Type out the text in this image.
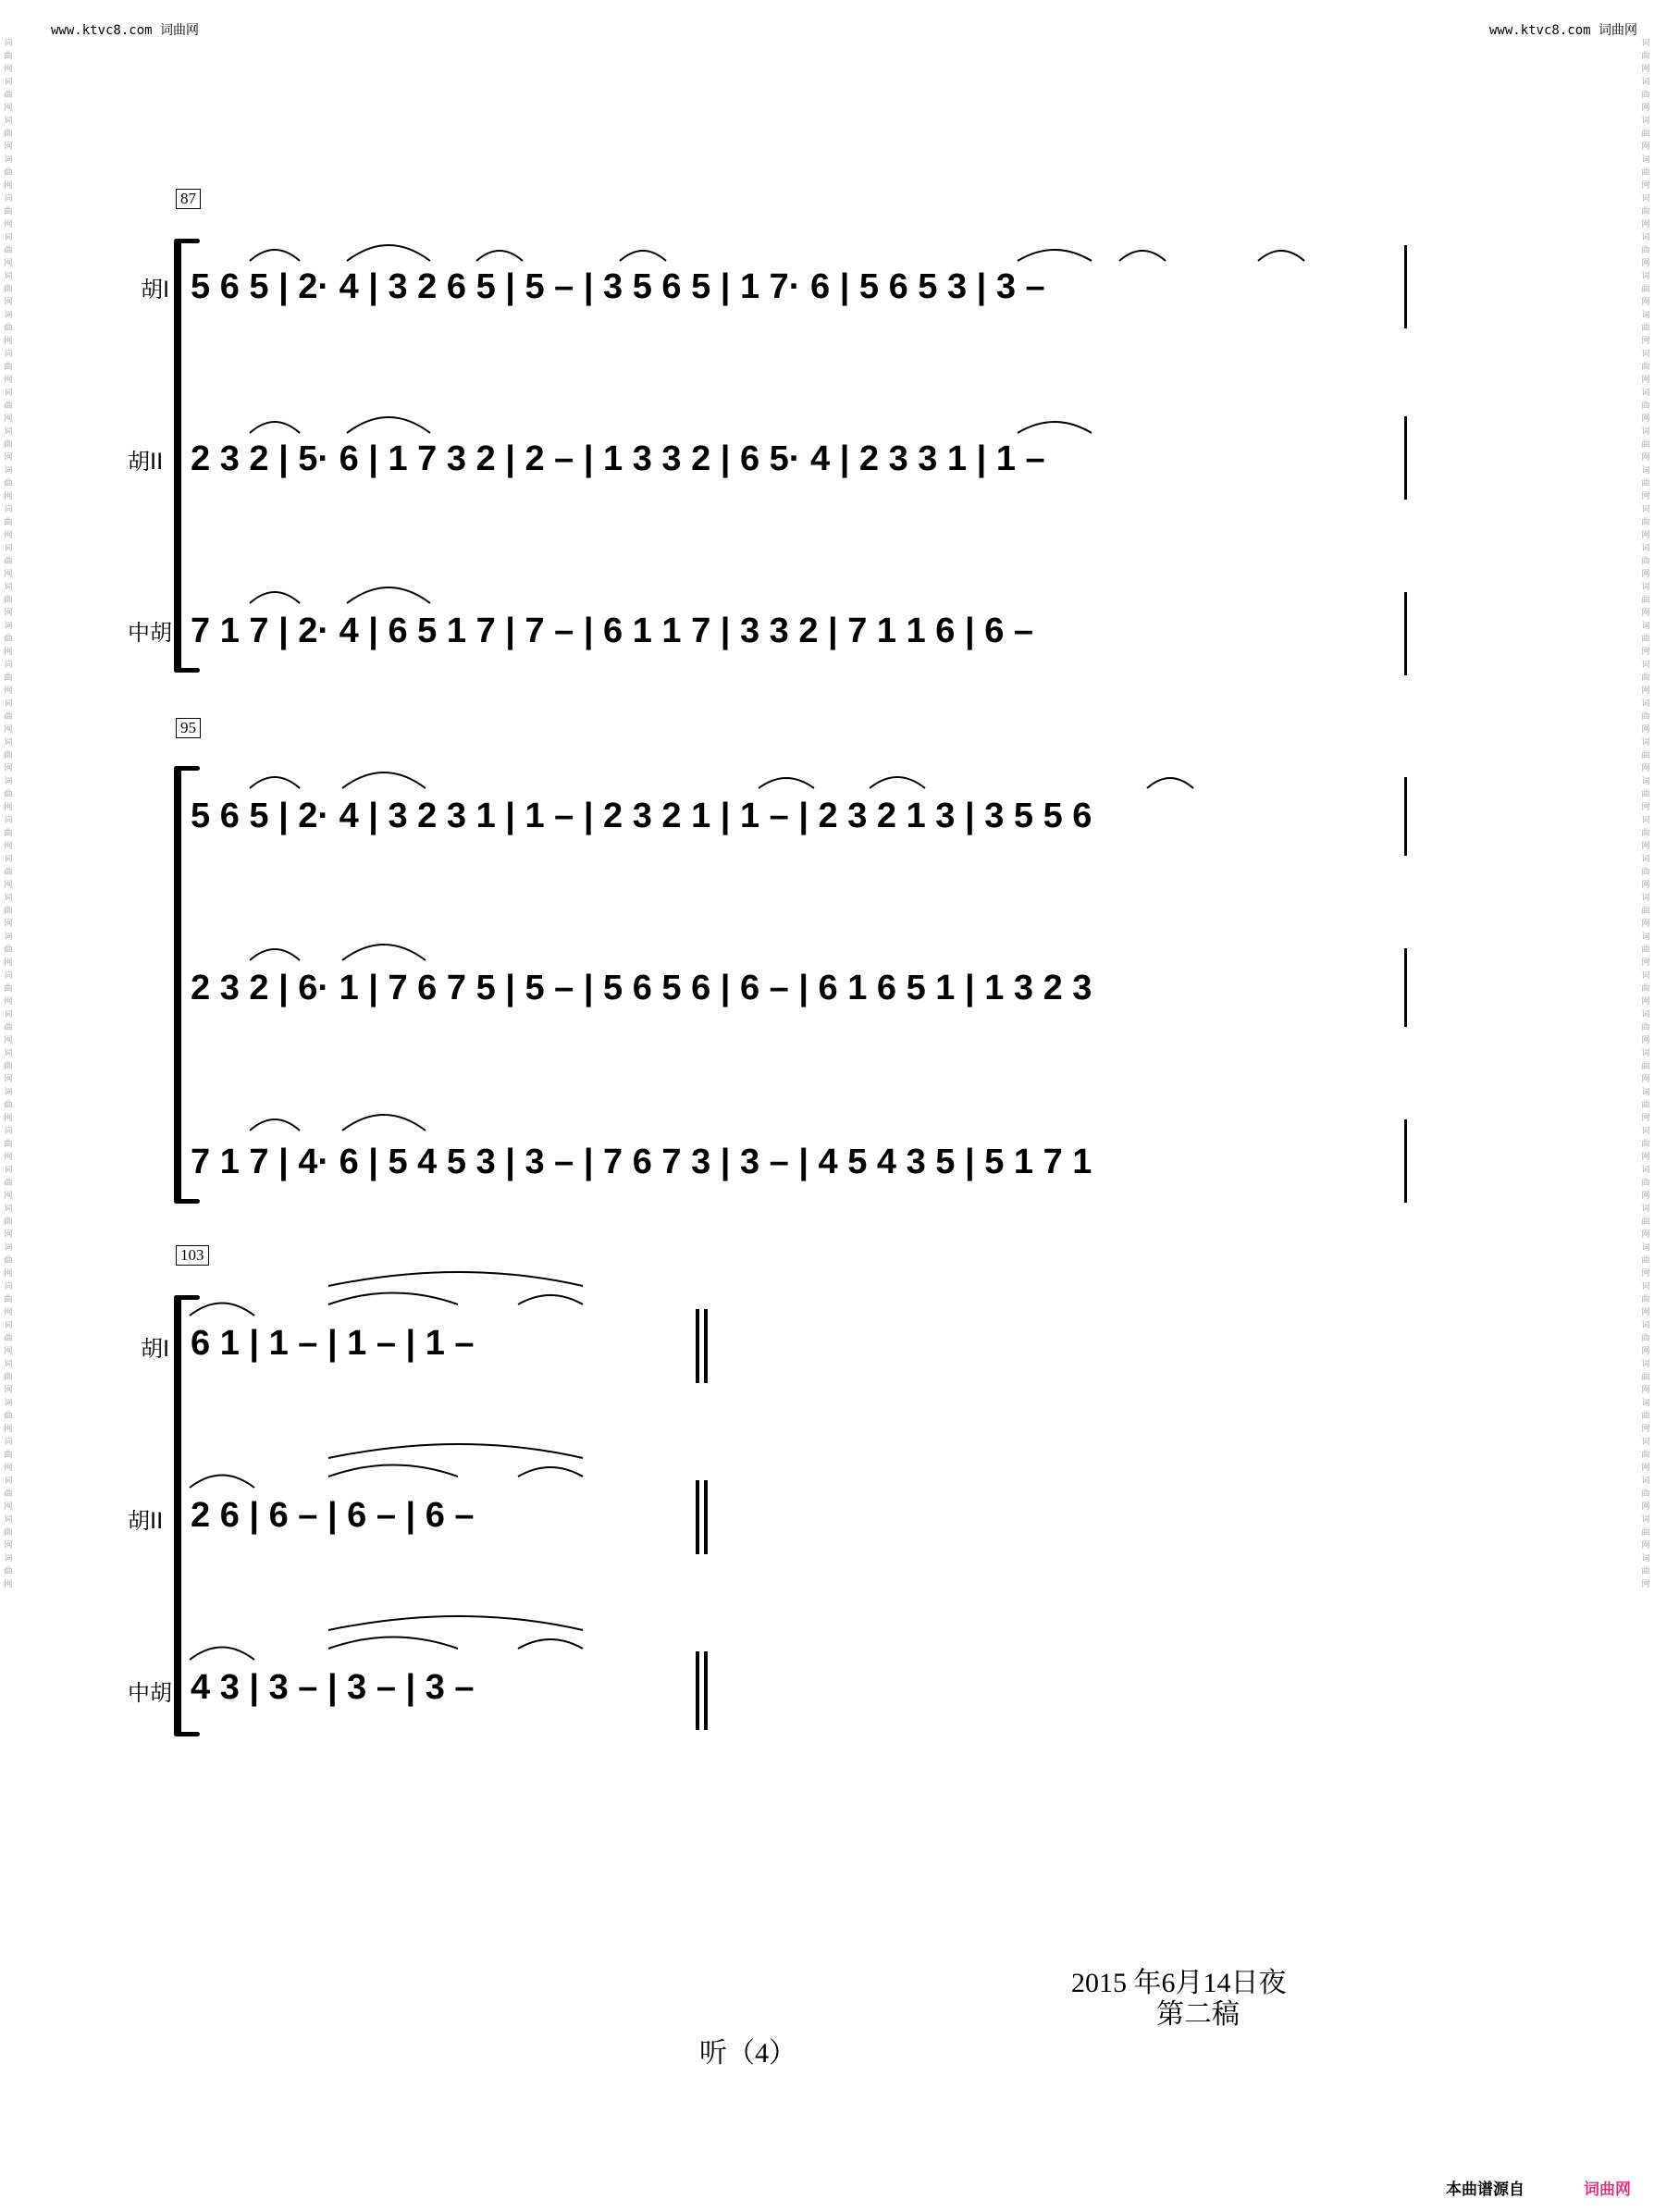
www.ktvc8.com 词曲网	www.ktvc8.com 词曲网
词曲网词曲网词曲网词曲网词曲网词曲网词曲网词曲网词曲网词曲网词曲网词曲网词曲网词曲网词曲网词曲网词曲网词曲网词曲网词曲网词曲网词曲网词曲网词曲网词曲网词曲网词曲网词曲网词曲网词曲网词曲网词曲网词曲网词曲网词曲网词曲网词曲网词曲网词曲网词曲网
词曲网词曲网词曲网词曲网词曲网词曲网词曲网词曲网词曲网词曲网词曲网词曲网词曲网词曲网词曲网词曲网词曲网词曲网词曲网词曲网词曲网词曲网词曲网词曲网词曲网词曲网词曲网词曲网词曲网词曲网词曲网词曲网词曲网词曲网词曲网词曲网词曲网词曲网词曲网词曲网
87
胡I
胡II
中胡
5 6 5 | 2· 4 | 3 2 6 5 | 5 – | 3 5 6 5 | 1 7· 6 | 5 6 5 3 | 3 –
2 3 2 | 5· 6 | 1 7 3 2 | 2 – | 1 3 3 2 | 6 5· 4 | 2 3 3 1 | 1 –
7 1 7 | 2· 4 | 6 5 1 7 | 7 – | 6 1 1 7 | 3 3 2 | 7 1 1 6 | 6 –
95
5 6 5 | 2· 4 | 3 2 3 1 | 1 – | 2 3 2 1 | 1 – | 2 3 2 1 3 | 3 5 5 6
2 3 2 | 6· 1 | 7 6 7 5 | 5 – | 5 6 5 6 | 6 – | 6 1 6 5 1 | 1 3 2 3
7 1 7 | 4· 6 | 5 4 5 3 | 3 – | 7 6 7 3 | 3 – | 4 5 4 3 5 | 5 1 7 1
103
胡I
胡II
中胡
6 1 | 1 – | 1 – | 1 –
2 6 | 6 – | 6 – | 6 –
4 3 | 3 – | 3 – | 3 –
2015 年6月14日夜
第二稿
听（4）
本曲谱源自	词曲网
